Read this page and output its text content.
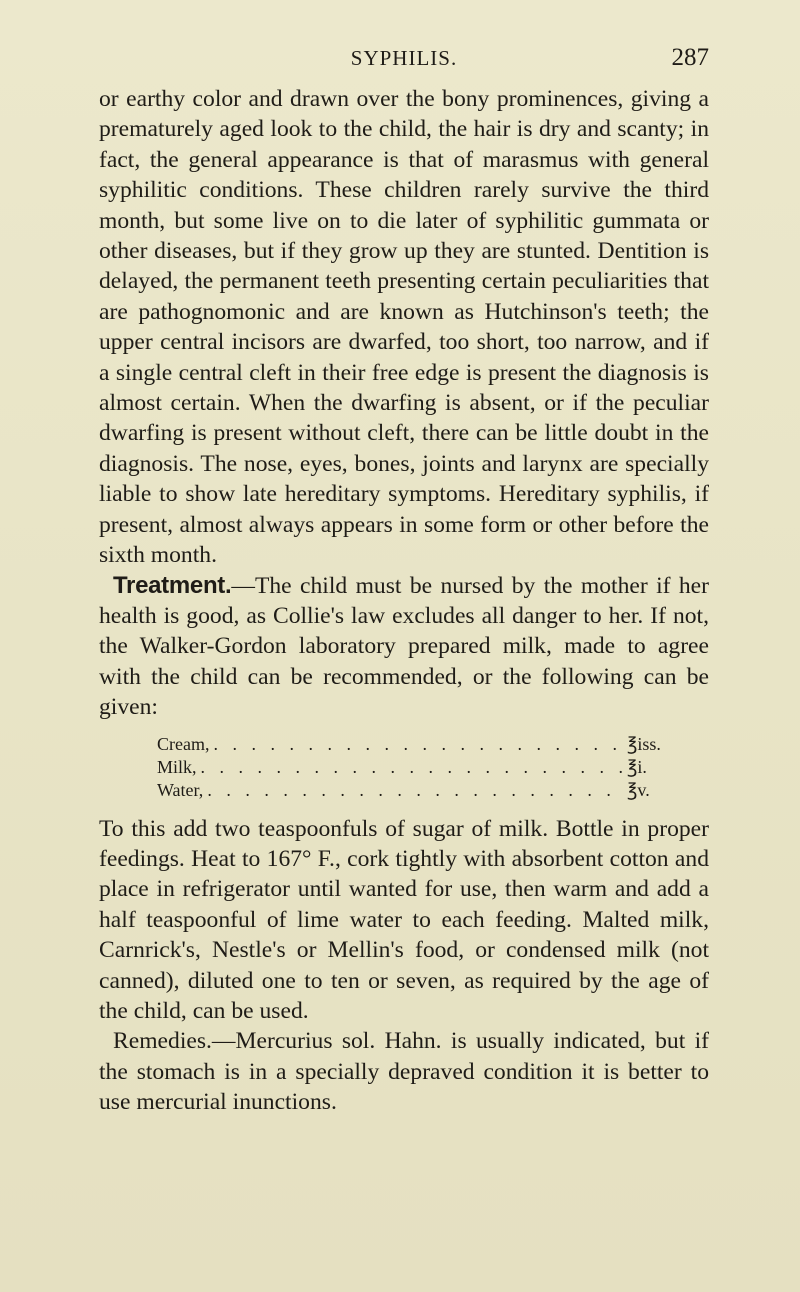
SYPHILIS.	287

or earthy color and drawn over the bony prominences, giving a prematurely aged look to the child, the hair is dry and scanty; in fact, the general appearance is that of marasmus with general syphilitic conditions. These children rarely survive the third month, but some live on to die later of syphilitic gummata or other diseases, but if they grow up they are stunted. Dentition is delayed, the permanent teeth presenting certain peculiarities that are pathognomonic and are known as Hutchinson's teeth; the upper central incisors are dwarfed, too short, too narrow, and if a single central cleft in their free edge is present the diagnosis is almost certain. When the dwarfing is absent, or if the peculiar dwarfing is present without cleft, there can be little doubt in the diagnosis. The nose, eyes, bones, joints and larynx are specially liable to show late hereditary symptoms. Hereditary syphilis, if present, almost always appears in some form or other before the sixth month.

Treatment.—The child must be nursed by the mother if her health is good, as Collie's law excludes all danger to her. If not, the Walker-Gordon laboratory prepared milk, made to agree with the child can be recommended, or the following can be given:

Cream, . . .	℥iss.
Milk, . . .	℥i.
Water, . . .	℥v.

To this add two teaspoonfuls of sugar of milk. Bottle in proper feedings. Heat to 167° F., cork tightly with absorbent cotton and place in refrigerator until wanted for use, then warm and add a half teaspoonful of lime water to each feeding. Malted milk, Carnrick's, Nestle's or Mellin's food, or condensed milk (not canned), diluted one to ten or seven, as required by the age of the child, can be used.

Remedies.—Mercurius sol. Hahn. is usually indicated, but if the stomach is in a specially depraved condition it is better to use mercurial inunctions.
